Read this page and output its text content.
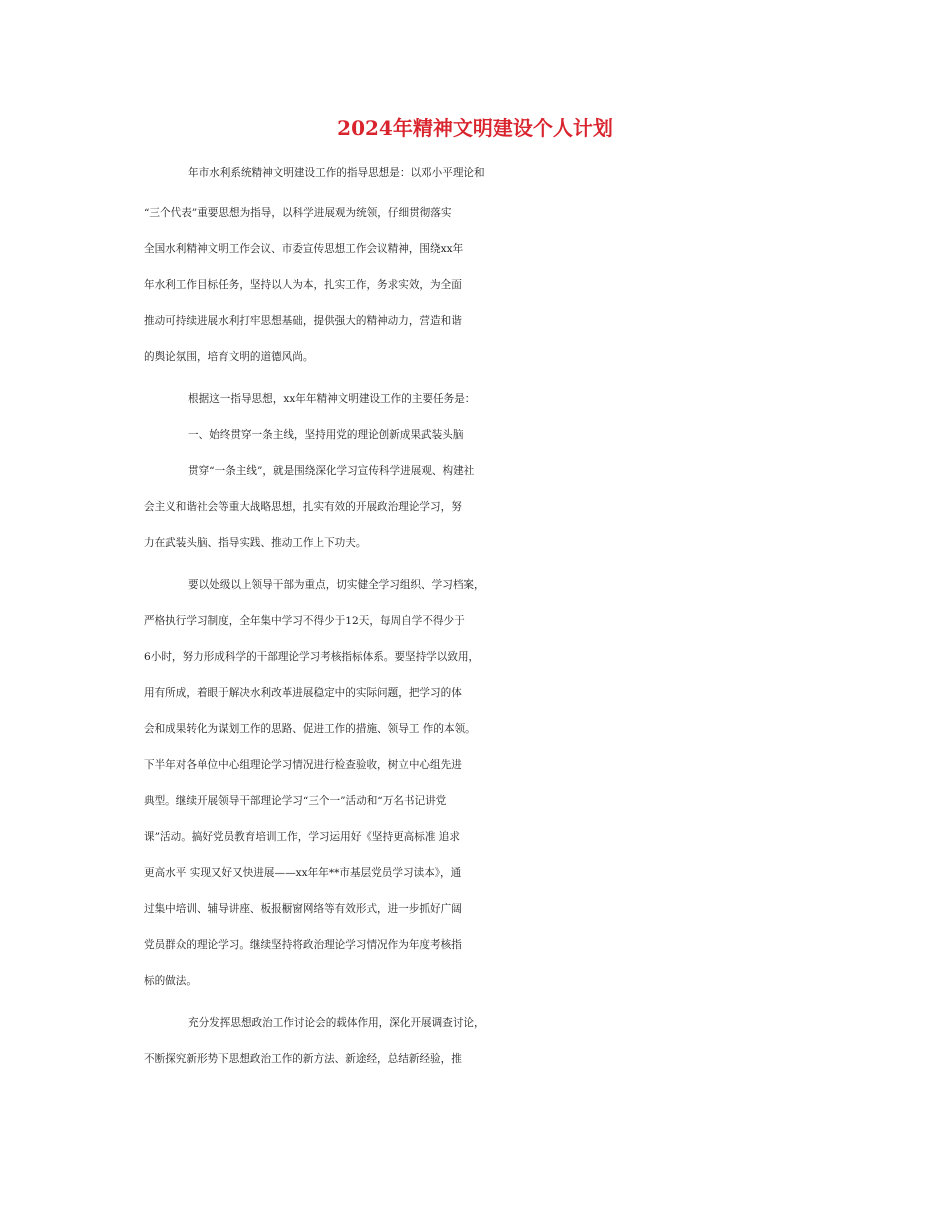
2024年精神文明建设个人计划
年市水利系统精神文明建设工作的指导思想是：以邓小平理论和
“三个代表”重要思想为指导，以科学进展观为统领，仔细贯彻落实
全国水利精神文明工作会议、市委宣传思想工作会议精神，围绕xx年
年水利工作目标任务，坚持以人为本，扎实工作，务求实效，为全面
推动可持续进展水利打牢思想基础，提供强大的精神动力，营造和谐
的舆论氛围，培育文明的道德风尚。
根据这一指导思想，xx年年精神文明建设工作的主要任务是：
一、始终贯穿一条主线，坚持用党的理论创新成果武装头脑
贯穿“一条主线”，就是围绕深化学习宣传科学进展观、构建社
会主义和谐社会等重大战略思想，扎实有效的开展政治理论学习，努
力在武装头脑、指导实践、推动工作上下功夫。
要以处级以上领导干部为重点，切实健全学习组织、学习档案，
严格执行学习制度，全年集中学习不得少于12天，每周自学不得少于
6小时，努力形成科学的干部理论学习考核指标体系。要坚持学以致用，
用有所成，着眼于解决水利改革进展稳定中的实际问题，把学习的体
会和成果转化为谋划工作的思路、促进工作的措施、领导工 作的本领。
下半年对各单位中心组理论学习情况进行检查验收，树立中心组先进
典型。继续开展领导干部理论学习“三个一”活动和“万名书记讲党
课”活动。搞好党员教育培训工作，学习运用好《坚持更高标准 追求
更高水平 实现又好又快进展——xx年年**市基层党员学习读本》，通
过集中培训、辅导讲座、板报橱窗网络等有效形式，进一步抓好广阔
党员群众的理论学习。继续坚持将政治理论学习情况作为年度考核指
标的做法。
充分发挥思想政治工作讨论会的载体作用，深化开展调查讨论，
不断探究新形势下思想政治工作的新方法、新途经，总结新经验，推
